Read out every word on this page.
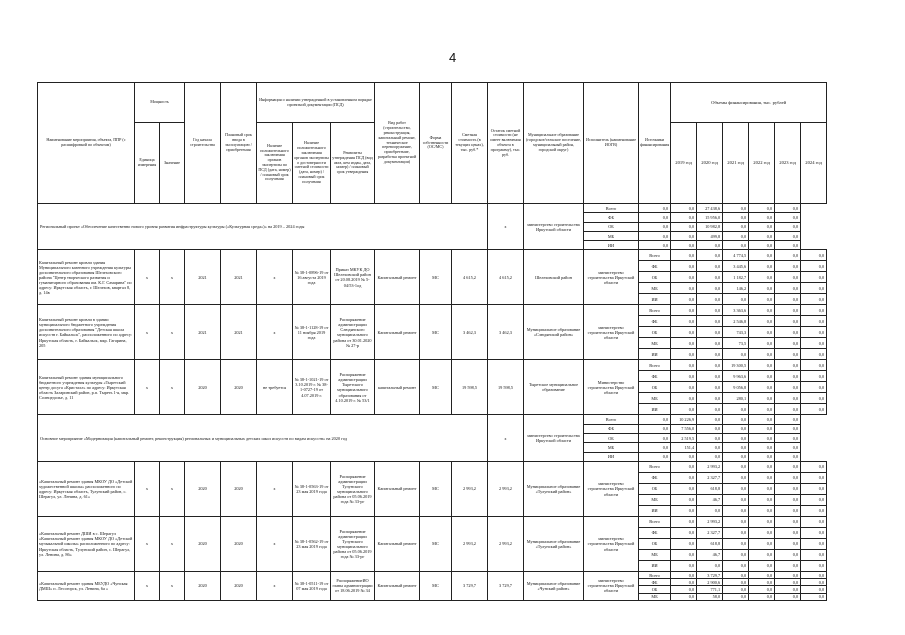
4
Наименование мероприятия, объекта, ППР (с расшифровкой по объектам)	Мощность		Год начала строительства	Плановый срок ввода в эксплуатацию / приобретения	Информация о наличии утвержденной в установленном порядке проектной документации (ПСД)			Вид работ (строительство, реконструкция, капитальный ремонт, техническое перевооружение, приобретение, разработка проектной документации)	Форма собственности (ОС/МС)	Сметная стоимость (в текущих ценах), тыс. руб.*	Остаток сметной стоимости (не имеет включения объекта в программу), тыс. руб.	Муниципальное образование (городское/сельское поселение, муниципальный район, городской округ)	Исполнитель (наименование ИОГВ)	Источники финансирования	Объемы финансирования, тыс. рублей					
	Единица измерения	Значение			Наличие положительного заключения органов экспертизы по ПСД (дата, номер) / плановый срок получения	Наличие положительного заключения органов экспертизы о достоверности сметной стоимости (дата, номер) / плановый срок получения	Реквизиты утверждения ПСД (вид акта, кем издан, дата, номер) / плановый срок утверждения								2019 год	2020 год	2021 год	2022 год	2023 год	2024 год

Региональный проект «Обеспечение качественно нового уровня развития инфраструктуры культуры («Культурная среда»)» на 2019 – 2024 годы											х	министерство строительства Иркутской области	Всего	0,0	0,0	27 438,6	0,0	0,0	0,0	
													ФБ	0,0	0,0	15 956,0	0,0	0,0	0,0	
													ОБ	0,0	0,0	10 982,8	0,0	0,0	0,0	
													МБ	0,0	0,0	499,8	0,0	0,0	0,0	
													ИИ	0,0	0,0	0,0	0,0	0,0	0,0	
Капитальный ремонт кровли здания Муниципального казенного учреждения культуры дополнительного образования Шелеховского района "Центр творческого развития и гуманитарного образования им. К.Г. Самарина" по адресу: Иркутская область, г. Шелехов, квартал 8, д. 14в	х	х	2021	2021	х	№ 38-1-0896-19 от 16 августа 2019 года	Приказ МКУК ДО Шелеховский район от 20.08.2019 № 5-04/53-1од	Капитальный ремонт	МС	4 615,2	4 615,2	Шелеховский район	министерство строительства Иркутской области	Всего	0,0	0,0	4 774,5	0,0	0,0	0,0
														ФБ	0,0	0,0	3 445,6	0,0	0,0	0,0
														ОБ	0,0	0,0	1 182,7	0,0	0,0	0,0
														МБ	0,0	0,0	146,2	0,0	0,0	0,0
														ИИ	0,0	0,0	0,0	0,0	0,0	0,0
Капитальный ремонт кровли в здании муниципального бюджетного учреждения дополнительного образования "Детская школа искусств г. Байкальск", расположенного по адресу: Иркутская область, г. Байкальск, мкр. Гагарина, 205	х	х	2021	2021	х	№ 38-1-1128-19 от 11 ноября 2019 года	Распоряжение администрации Слюдянского муниципального района от 30.01.2020 № 27-р	Капитальный ремонт	МС	3 462,3	3 462,3	Муниципальное образование «Слюдянский район»	министерство строительства Иркутской области	Всего	0,0	0,0	3 363,6	0,0	0,0	0,0
														ФБ	0,0	0,0	2 546,8	0,0	0,0	0,0
														ОБ	0,0	0,0	743,3	0,0	0,0	0,0
														МБ	0,0	0,0	73,5	0,0	0,0	0,0
														ИИ	0,0	0,0	0,0	0,0	0,0	0,0
Капитальный ремонт здания муниципального бюджетного учреждения культуры «Тыретский центр досуга «Кристалл» по адресу: Иркутская область Заларинский район, р.п. Тыреть 1-я, мкр. Солнцедолье, д. 11	х	х	2020	2020	не требуется	№ 38-1-1021-19 от 3.10.2019 г. № 38-1-0727-19 от 4.07.2019 г.	Распоряжение администрации Тыретского муниципального образования от 4.10.2019 г. № 53/1	капитальный ремонт	МС	19 598,5	19 598,5	Тыретское муниципальное образование	Министерство строительства Иркутской области	Всего	0,0	0,0	19 300,5	0,0	0,0	0,0
														ФБ	0,0	0,0	9 963,6	0,0	0,0	0,0
														ОБ	0,0	0,0	9 056,8	0,0	0,0	0,0
														МБ	0,0	0,0	280,1	0,0	0,0	0,0
														ИИ	0,0	0,0	0,0	0,0	0,0	0,0
Основное мероприятие «Модернизация (капитальный ремонт, реконструкция) региональных и муниципальных детских школ искусств по видам искусств» на 2020 год											х	министерство строительства Иркутской области	Всего	0,0	10 226,9	0,0	0,0	0,0	0,0	
													ФБ	0,0	7 556,0	0,0	0,0	0,0	0,0	
													ОБ	0,0	2 519,5	0,0	0,0	0,0	0,0	
													МБ	0,0	151,4	0,0	0,0	0,0	0,0	
													ИИ	0,0	0,0	0,0	0,0	0,0	0,0	
«Капитальный ремонт здания МКОУ ДО «Детской художественной школы» расположенного по адресу: Иркутская область, Тулунский район, с. Шерагул, ул. Ленина, д. 61»	х	х	2020	2020	х	№ 38-1-0563-19 от 23 мая 2019 года	Распоряжение администрации Тулунского муниципального района от 05.06.2019 года № 33-рг	Капитальный ремонт	МС	2 993,2	2 993,2	Муниципальное образование «Тулунский район»	министерство строительства Иркутской области	Всего	0,0	2 993,2	0,0	0,0	0,0	0,0
														ФБ	0,0	2 327,7	0,0	0,0	0,0	0,0
														ОБ	0,0	618,8	0,0	0,0	0,0	0,0
														МБ	0,0	46,7	0,0	0,0	0,0	0,0
														ИИ	0,0	0,0	0,0	0,0	0,0	0,0
«Капитальный ремонт ДШИ в с. Шерагул «Капитальный ремонт здания МКОУ ДО «Детской музыкальной школы» расположенного по адресу: Иркутская область, Тулунский район, с. Шерагул, ул. Ленина, д. 86»	х	х	2020	2020	х	№ 38-1-0562-19 от 23 мая 2019 года	Распоряжение администрации Тулунского муниципального района от 05.06.2019 года № 33-рг	Капитальный ремонт	МС	2 993,2	2 993,2	Муниципальное образование «Тулунский район»	министерство строительства Иркутской области	Всего	0,0	2 993,2	0,0	0,0	0,0	0,0
														ФБ	0,0	2 327,7	0,0	0,0	0,0	0,0
														ОБ	0,0	618,8	0,0	0,0	0,0	0,0
														МБ	0,0	46,7	0,0	0,0	0,0	0,0
														ИИ	0,0	0,0	0,0	0,0	0,0	0,0
«Капитальный ремонт здания МБУДО «Чунская ДМШ» п. Лесогорск, ул. Ленина, 6а »	х	х	2020	2020	х	№ 38-1-0511-19 от 07 мая 2019 года	РаспоряжениеИО главы администрации от 18.06.2019 № 34	Капитальный ремонт	МС	3 729,7	3 729,7	Муниципальное образование «Чунский район»	министерство строительства Иркутской области	Всего	0,0	3 729,7	0,0	0,0	0,0	0,0
														ФБ	0,0	2 900,6	0,0	0,0	0,0	0,0
														ОБ	0,0	771,1	0,0	0,0	0,0	0,0
														МБ	0,0	58,0	0,0	0,0	0,0	0,0
